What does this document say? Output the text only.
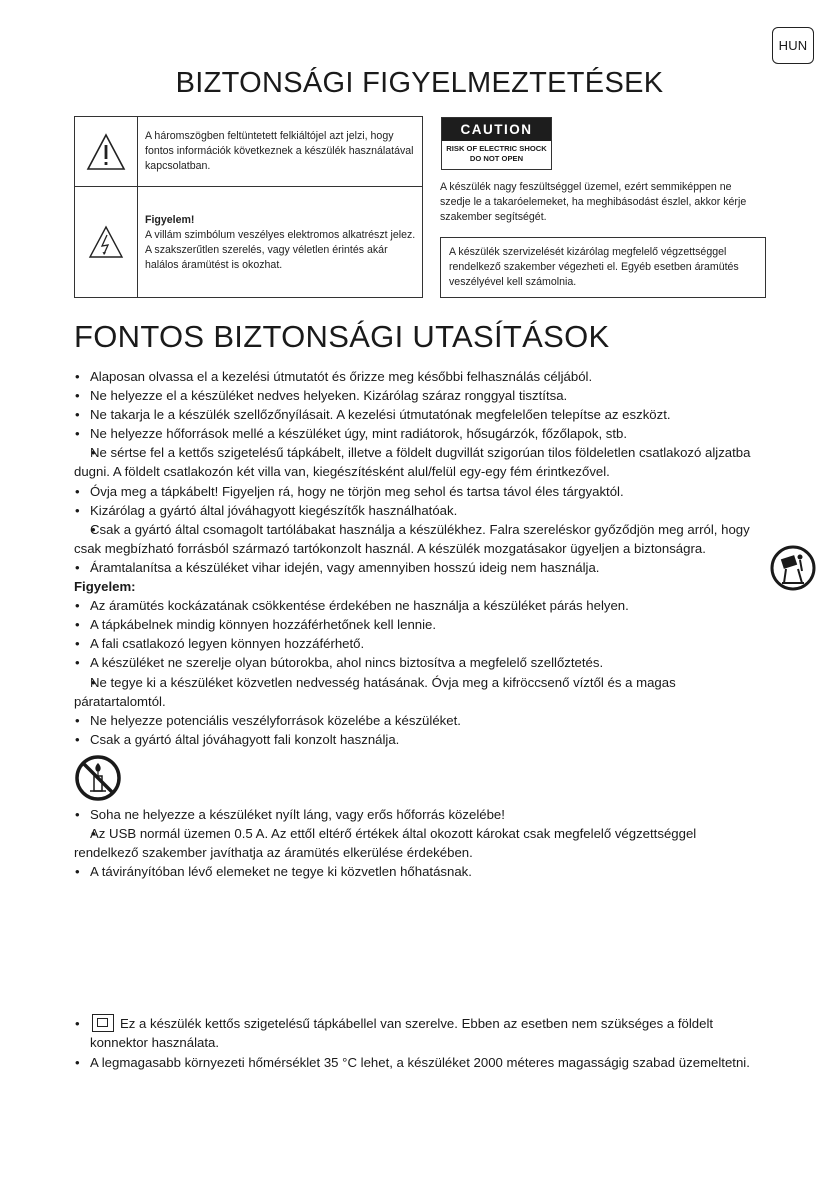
HUN
BIZTONSÁGI FIGYELMEZTETÉSEK
A háromszögben feltüntetett felkiáltójel azt jelzi, hogy fontos információk következnek a készülék használatával kapcsolatban.
Figyelem!
A villám szimbólum veszélyes elektromos alkatrészt jelez. A szakszerűtlen szerelés, vagy véletlen érintés akár halálos áramütést is okozhat.
CAUTION
RISK OF ELECTRIC SHOCK
DO NOT OPEN
A készülék nagy feszültséggel üzemel, ezért semmiképpen ne szedje le a takaróelemeket, ha meghibásodást észlel, akkor kérje szakember segítségét.
A készülék szervizelését kizárólag megfelelő végzettséggel rendelkező szakember végezheti el. Egyéb esetben áramütés veszélyével kell számolnia.
FONTOS BIZTONSÁGI UTASÍTÁSOK
• Alaposan olvassa el a kezelési útmutatót és őrizze meg későbbi felhasználás céljából.
• Ne helyezze el a készüléket nedves helyeken. Kizárólag száraz ronggyal tisztítsa.
• Ne takarja le a készülék szellőzőnyílásait. A kezelési útmutatónak megfelelően telepítse az eszközt.
• Ne helyezze hőforrások mellé a készüléket úgy, mint radiátorok, hősugárzók, főzőlapok, stb.
• Ne sértse fel a kettős szigetelésű tápkábelt, illetve a földelt dugvillát szigorúan tilos földeletlen csatlakozó aljzatba dugni. A földelt csatlakozón két villa van, kiegészítésként alul/felül egy-egy fém érintkezővel.
• Óvja meg a tápkábelt! Figyeljen rá, hogy ne törjön meg sehol és tartsa távol éles tárgyaktól.
• Kizárólag a gyártó által jóváhagyott kiegészítők használhatóak.
• Csak a gyártó által csomagolt tartólábakat használja a készülékhez. Falra szereléskor győződjön meg arról, hogy csak megbízható forrásból származó tartókonzolt használ. A készülék mozgatásakor ügyeljen a biztonságra.
• Áramtalanítsa a készüléket vihar idején, vagy amennyiben hosszú ideig nem használja.

Figyelem:

• Az áramütés kockázatának csökkentése érdekében ne használja a készüléket párás helyen.
• A tápkábelnek mindig könnyen hozzáférhetőnek kell lennie.
• A fali csatlakozó legyen könnyen hozzáférhető.
• A készüléket ne szerelje olyan bútorokba, ahol nincs biztosítva a megfelelő szellőztetés.
• Ne tegye ki a készüléket közvetlen nedvesség hatásának. Óvja meg a kifröccsenő víztől és a magas páratartalomtól.
• Ne helyezze potenciális veszélyforrások közelébe a készüléket.
• Csak a gyártó által jóváhagyott fali konzolt használja.
• Soha ne helyezze a készüléket nyílt láng, vagy erős hőforrás közelébe!
• Az USB normál üzemen 0.5 A. Az ettől eltérő értékek által okozott károkat csak megfelelő végzettséggel rendelkező szakember javíthatja az áramütés elkerülése érdekében.
• A távirányítóban lévő elemeket ne tegye ki közvetlen hőhatásnak.
• Ez a készülék kettős szigetelésű tápkábellel van szerelve. Ebben az esetben nem szükséges a földelt konnektor használata.
• A legmagasabb környezeti hőmérséklet 35 °C lehet, a készüléket 2000 méteres magasságig szabad üzemeltetni.
